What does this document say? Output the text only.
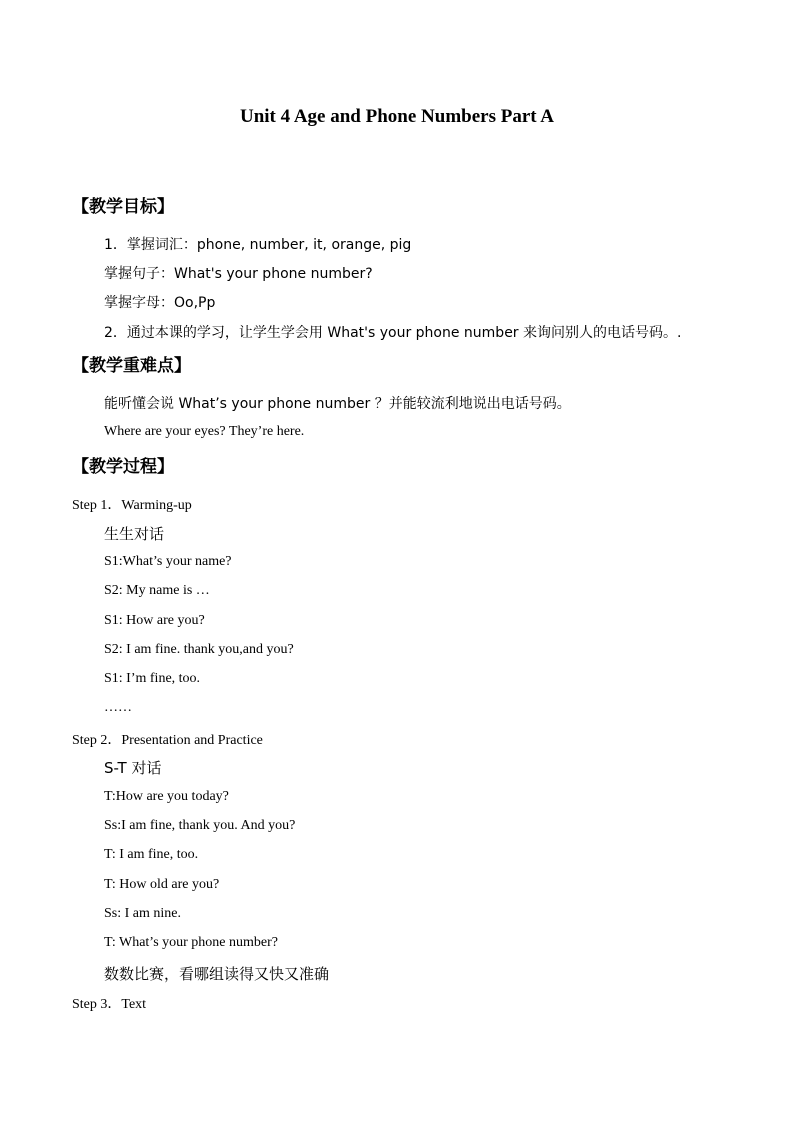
Unit 4 Age and Phone Numbers Part A
【教学目标】
1．掌握词汇：phone, number, it, orange, pig
掌握句子：What's your phone number?
掌握字母：Oo,Pp
2．通过本课的学习，让学生学会用 What's your phone number 来询问别人的电话号码。.
【教学重难点】
能听懂会说 What’s your phone number ？并能较流利地说出电话号码。
Where are your eyes? They’re here.
【教学过程】
Step 1．Warming-up
生生对话
S1:What’s your name?
S2: My name is …
S1: How are you?
S2: I am fine. thank you,and you?
S1: I’m fine, too.
……
Step 2．Presentation and Practice
S-T 对话
T:How are you today?
Ss:I am fine, thank you. And you?
T: I am fine, too.
T: How old are you?
Ss: I am nine.
T: What’s your phone number?
数数比赛，看哪组读得又快又准确
Step 3．Text
